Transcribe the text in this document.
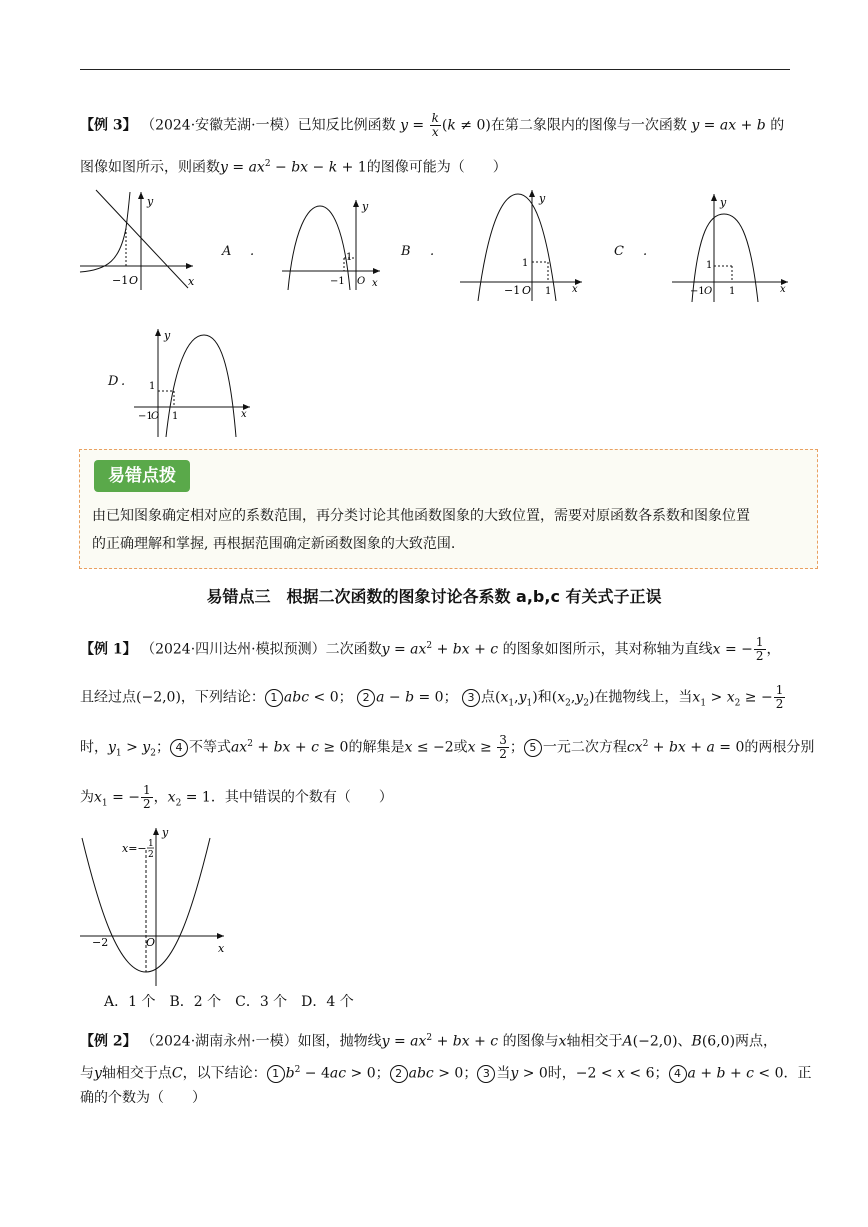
【例 3】 （2024·安徽芜湖·一模）已知反比例函数 $y = \frac{k}{x} (k \ne 0)$在第二象限内的图像与一次函数 y = ax + b 的
图像如图所示，则函数$y = ax^2$ − bx − k + 1的图像可能为（　　）
y
−1 O	x
A .
y
1
−1 O x
B .
y
1
−1 O 1 x
C .
y
1
−1 O 1	x
D .
y
1
−1
O 1	x
易错点拨
由已知图象确定相对应的系数范围，再分类讨论其他函数图象的大致位置，需要对原函数各系数和图象位置
的正确理解和掌握, 再根据范围确定新函数图象的大致范围.
易错点三　根据二次函数的图象讨论各系数 a,b,c 有关式子正误
【例 1】 （2024·四川达州·模拟预测）二次函数$y = ax^2$ + bx + c 的图象如图所示，其对称轴为直线x = − $\frac{1}{2}$ ，
且经过点(−2,0)，下列结论： 1 abc < 0； 2 a − b = 0； 3 点$(x_1,y_1)$和$(x_2,y_2)$在抛物线上，当$x_1 > x_2$ ≥ − $\frac{1}{2}$
时，$y_1 > y_2$； 4 不等式$ax^2$ + bx + c ≥ 0的解集是x ≤ −2或$x \ge \frac{3}{2}$ ； 5 一元二次方程$cx^2$ + bx + a = 0的两根分别
为$x_1$ = − $\frac{1}{2}$ ，$x_2 = 1$．其中错误的个数有（　　）
x=− 1
2
y
−2	O	x
A．1 个　B．2 个　C．3 个　D．4 个
【例 2】 （2024·湖南永州·一模）如图，抛物线$y = ax^2$ + bx + c 的图像与x轴相交于A(−2,0)、B(6,0)两点，
与y轴相交于点C，以下结论： 1 $b^2 - 4ac > 0$； 2 abc > 0； 3 当y > 0时，−2 < x < 6； 4 a + b + c < 0．正
确的个数为（　　）
